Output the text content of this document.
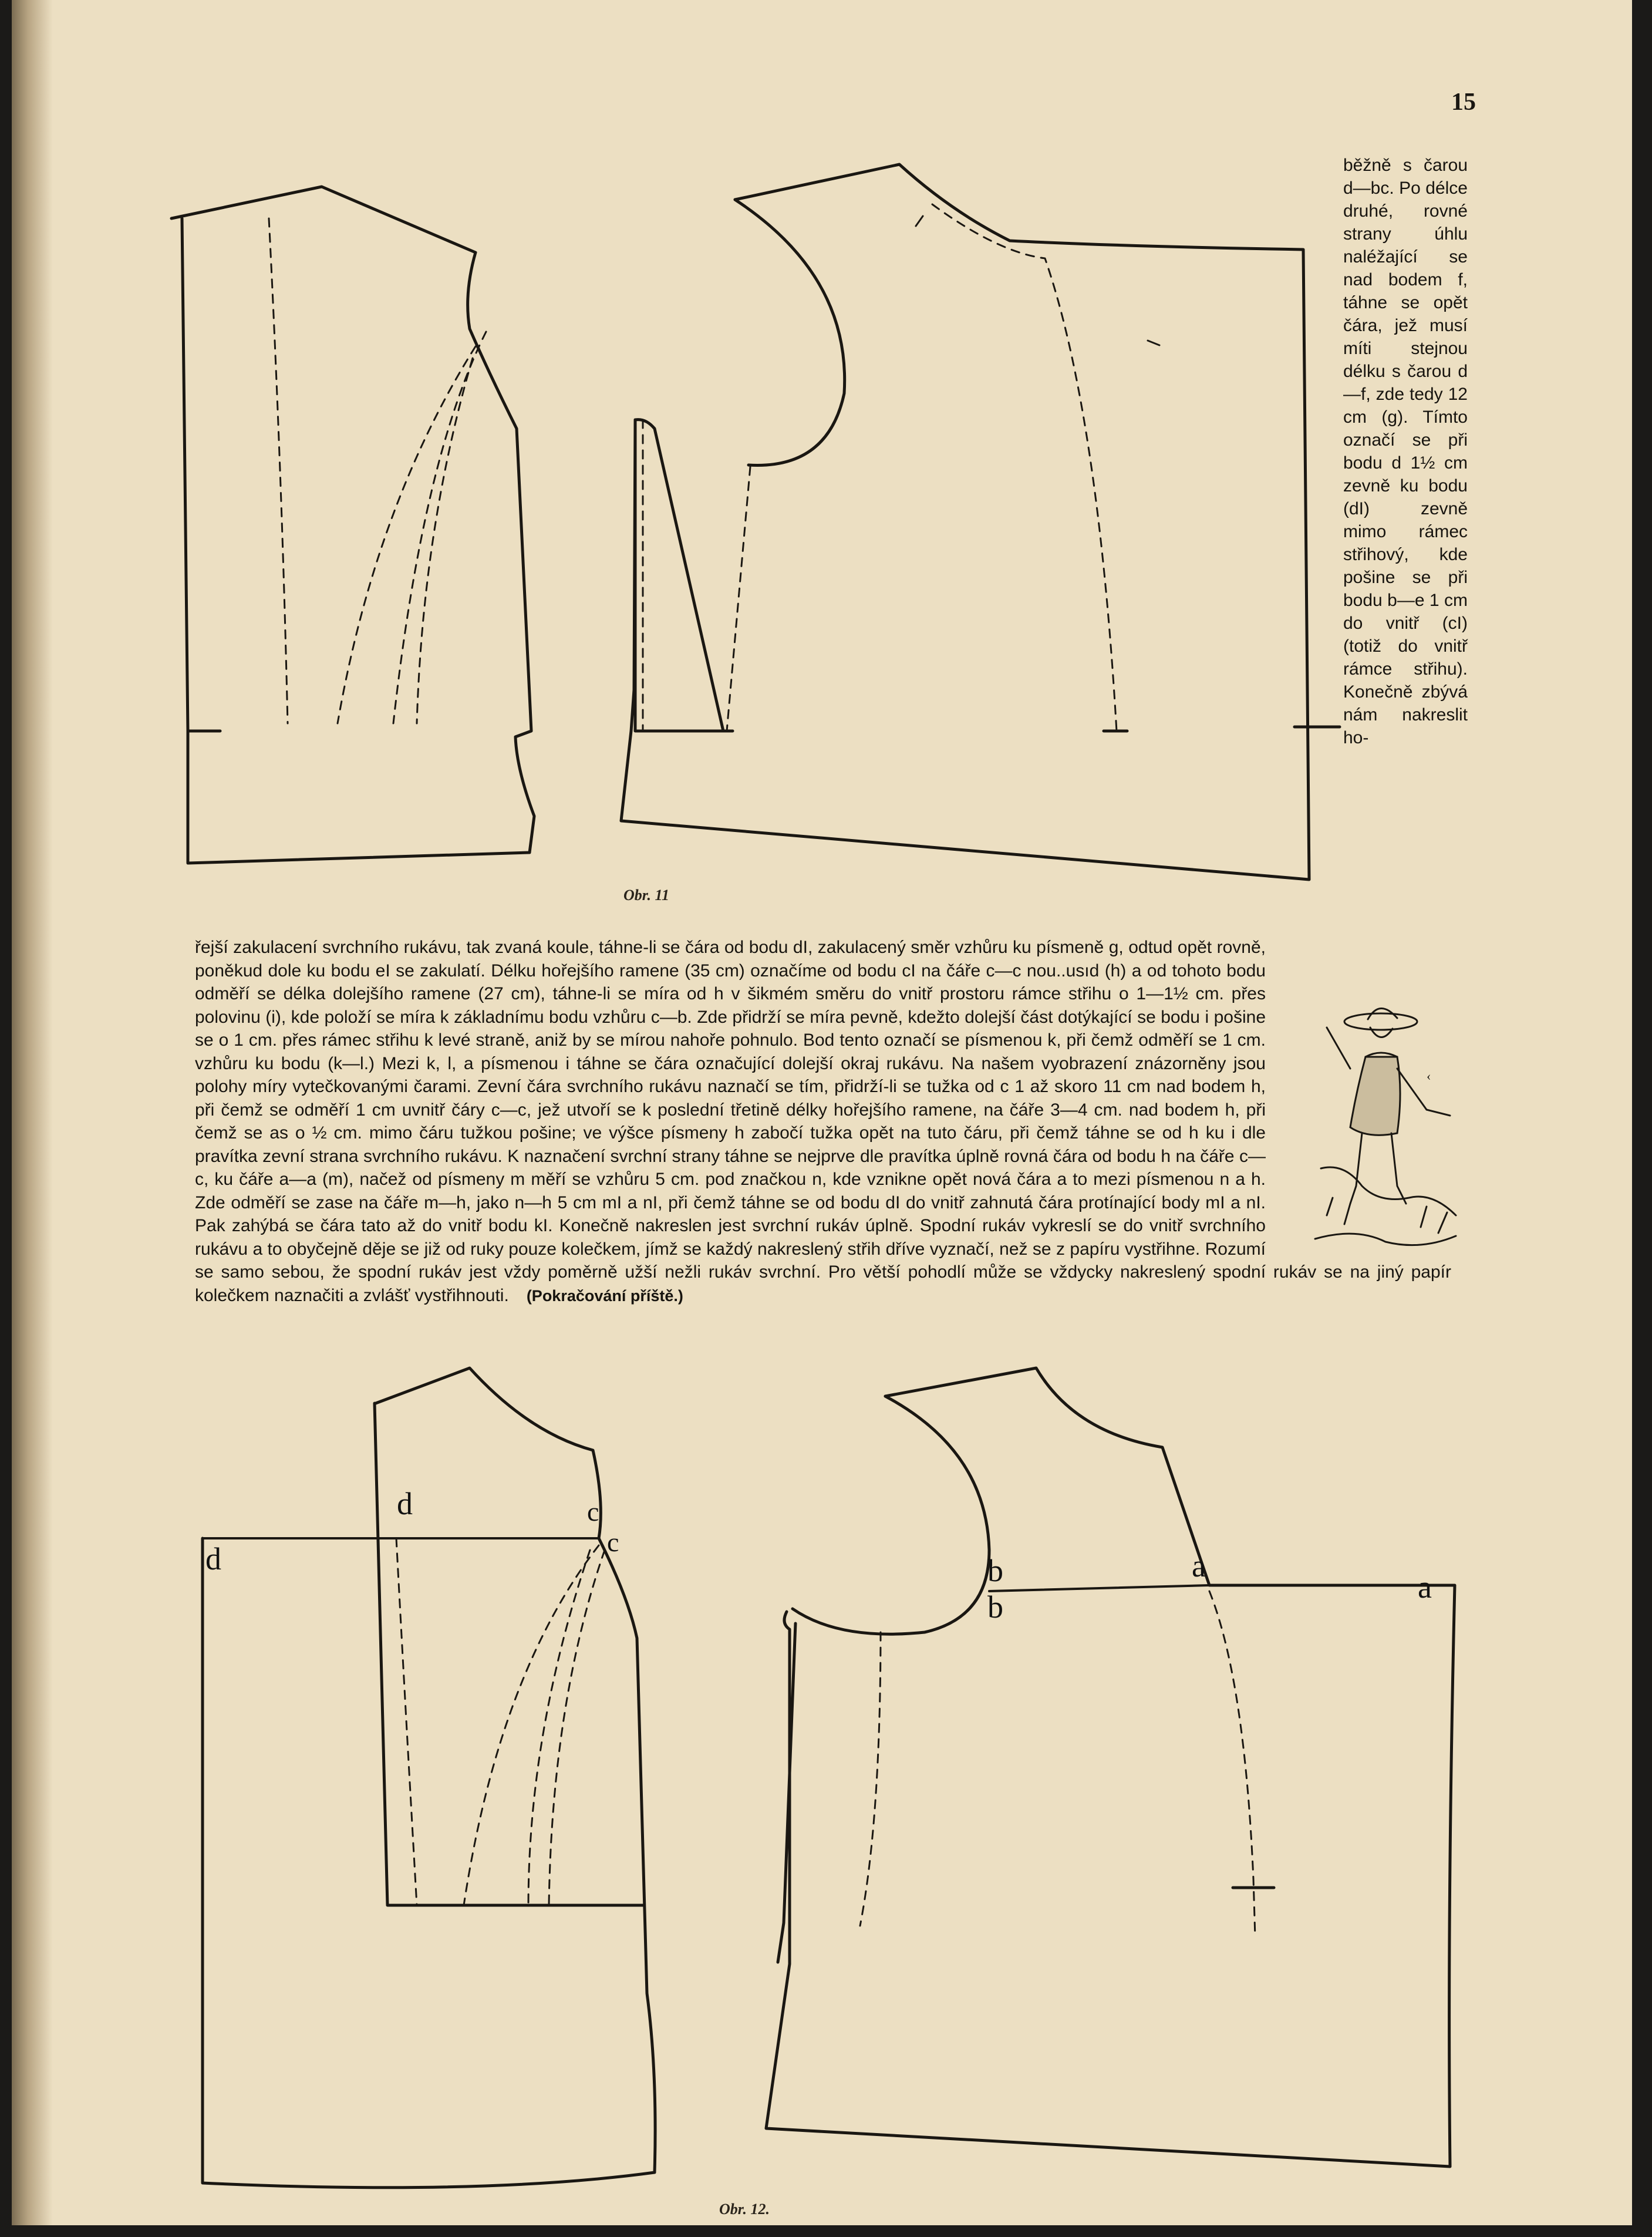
15
d
d
c
c
b
b
a
a
Obr. 11
Obr. 12.
běžně s čarou d—bc. Po délce druhé, rovné strany úhlu naléžající se nad bodem f, táhne se opět čára, jež musí míti stejnou délku s čarou d—f, zde tedy 12 cm (g). Tímto označí se při bodu d 1½ cm zevně ku bodu (dI) zevně mimo rámec střihový, kde pošine se při bodu b—e 1 cm do vnitř (cI) (totiž do vnitř rámce střihu). Konečně zbývá nám nakreslit ho-
řejší zakulacení svrchního rukávu, tak zvaná koule, táhne-li se čára od bodu dI, zakulacený směr vzhůru ku písmeně g, odtud opět rovně, poněkud dole ku bodu eI se zakulatí. Délku hořejšího ramene (35 cm) označíme od bodu cI na čáře c—c nou..usıd (h) a od tohoto bodu odměří se délka dolejšího ramene (27 cm), táhne-li se míra od h v šikmém směru do vnitř prostoru rámce střihu o 1—1½ cm. přes polovinu (i), kde položí se míra k základnímu bodu vzhůru c—b. Zde přidrží se míra pevně, kdežto dolejší část dotýkající se bodu i pošine se o 1 cm. přes rámec střihu k levé straně, aniž by se mírou nahoře pohnulo. Bod tento označí se písmenou k, při čemž odměří se 1 cm. vzhůru ku bodu (k—l.) Mezi k, l, a písmenou i táhne se čára označující dolejší okraj rukávu. Na našem vyobrazení znázorněny jsou polohy míry vytečkovanými čarami. Zevní čára svrchního rukávu naznačí se tím, přidrží-li se tužka od c 1 až skoro 11 cm nad bodem h, při čemž se odměří 1 cm uvnitř čáry c—c, jež utvoří se k poslední třetině délky hořejšího ramene, na čáře 3—4 cm. nad bodem h, při čemž se as o ½ cm. mimo čáru tužkou pošine; ve výšce písmeny h zabočí tužka opět na tuto čáru, při čemž táhne se od h ku i dle pravítka zevní strana svrchního rukávu. K naznačení svrchní strany táhne se nejprve dle pravítka úplně rovná čára od bodu h na čáře c—c, ku čáře a—a (m), načež od písmeny m měří se vzhůru 5 cm. pod značkou n, kde vznikne opět nová čára a to mezi písmenou n a h. Zde odměří se zase na čáře m—h, jako n—h 5 cm mI a nI, při čemž táhne se od bodu dI do vnitř zahnutá čára protínající body mI a nI. Pak zahýbá se čára tato až do vnitř bodu kI. Konečně nakreslen jest svrchní rukáv úplně. Spodní rukáv vykreslí se do vnitř svrchního rukávu a to obyčejně děje se již od ruky pouze kolečkem, jímž se každý nakreslený střih dříve vyznačí, než se z papíru vystřihne. Rozumí se samo sebou, že spodní rukáv jest vždy poměrně užší nežli rukáv svrchní. Pro větší pohodlí může se vždycky nakreslený spodní rukáv se na jiný papír kolečkem naznačiti a zvlášť vystřihnouti. (Pokračování příště.)
‹
